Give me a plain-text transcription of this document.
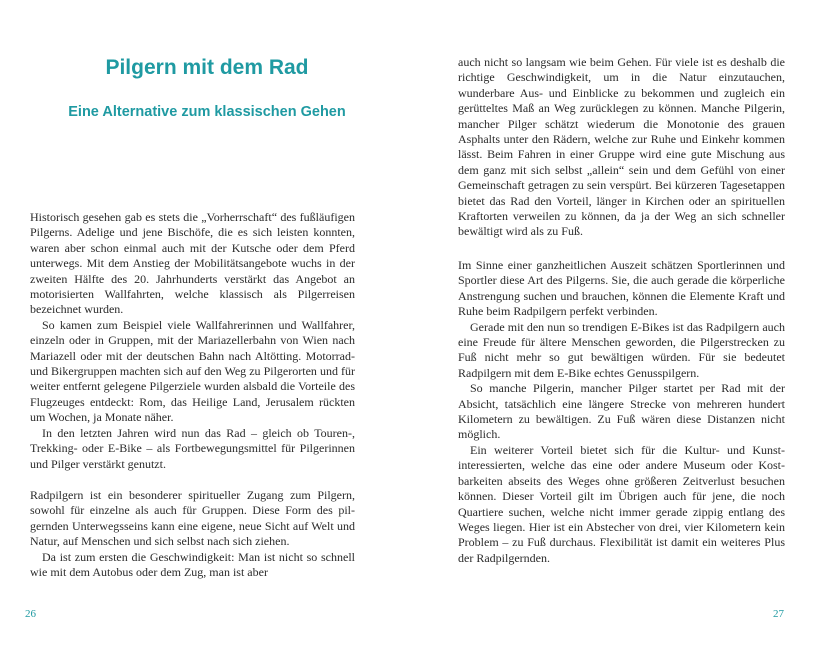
Pilgern mit dem Rad
Eine Alternative zum klassischen Gehen

Historisch gesehen gab es stets die „Vorherrschaft“ des fußläufigen Pilgerns. Adelige und jene Bischöfe, die es sich leisten konnten, waren aber schon einmal auch mit der Kutsche oder dem Pferd unterwegs. Mit dem Anstieg der Mobilitätsangebote wuchs in der zweiten Hälfte des 20. Jahrhunderts verstärkt das Angebot an motorisierten Wallfahrten, welche klassisch als Pilgerreisen bezeichnet wurden.

So kamen zum Beispiel viele Wallfahrerinnen und Wallfahrer, einzeln oder in Gruppen, mit der Mariazellerbahn von Wien nach Mariazell oder mit der deutschen Bahn nach Altötting. Motorrad- und Bikergruppen machten sich auf den Weg zu Pilgerorten und für weiter entfernt gelegene Pilgerziele wurden alsbald die Vorteile des Flugzeuges entdeckt: Rom, das Heilige Land, Jerusalem rückten um Wochen, ja Monate näher.

In den letzten Jahren wird nun das Rad – gleich ob Touren-, Trekking- oder E-Bike – als Fortbewegungsmittel für Pilgerinnen und Pilger verstärkt genutzt.

Radpilgern ist ein besonderer spiritueller Zugang zum Pilgern, sowohl für einzelne als auch für Gruppen. Diese Form des pilgernden Unterwegsseins kann eine eigene, neue Sicht auf Welt und Natur, auf Menschen und sich selbst nach sich ziehen.

Da ist zum ersten die Geschwindigkeit: Man ist nicht so schnell wie mit dem Autobus oder dem Zug, man ist aber

26

auch nicht so langsam wie beim Gehen. Für viele ist es deshalb die richtige Geschwindigkeit, um in die Natur einzutauchen, wunderbare Aus- und Einblicke zu bekommen und zugleich ein gerütteltes Maß an Weg zurücklegen zu können. Manche Pilgerin, mancher Pilger schätzt wiederum die Monotonie des grauen Asphalts unter den Rädern, welche zur Ruhe und Einkehr kommen lässt. Beim Fahren in einer Gruppe wird eine gute Mischung aus dem ganz mit sich selbst „allein“ sein und dem Gefühl von einer Gemeinschaft getragen zu sein verspürt. Bei kürzeren Tagesetappen bietet das Rad den Vorteil, länger in Kirchen oder an spirituellen Kraftorten verweilen zu können, da ja der Weg an sich schneller bewältigt wird als zu Fuß.

Im Sinne einer ganzheitlichen Auszeit schätzen Sportlerinnen und Sportler diese Art des Pilgerns. Sie, die auch gerade die körperliche Anstrengung suchen und brauchen, können die Elemente Kraft und Ruhe beim Radpilgern perfekt verbinden.

Gerade mit den nun so trendigen E-Bikes ist das Radpilgern auch eine Freude für ältere Menschen geworden, die Pilgerstrecken zu Fuß nicht mehr so gut bewältigen würden. Für sie bedeutet Radpilgern mit dem E-Bike echtes Genusspilgern.

So manche Pilgerin, mancher Pilger startet per Rad mit der Absicht, tatsächlich eine längere Strecke von mehreren hundert Kilometern zu bewältigen. Zu Fuß wären diese Distanzen nicht möglich.

Ein weiterer Vorteil bietet sich für die Kultur- und Kunstinteressierten, welche das eine oder andere Museum oder Kostbarkeiten abseits des Weges ohne größeren Zeitverlust besuchen können. Dieser Vorteil gilt im Übrigen auch für jene, die noch Quartiere suchen, welche nicht immer gerade zippig entlang des Weges liegen. Hier ist ein Abstecher von drei, vier Kilometern kein Problem – zu Fuß durchaus. Flexibilität ist damit ein weiteres Plus der Radpilgernden.

27
